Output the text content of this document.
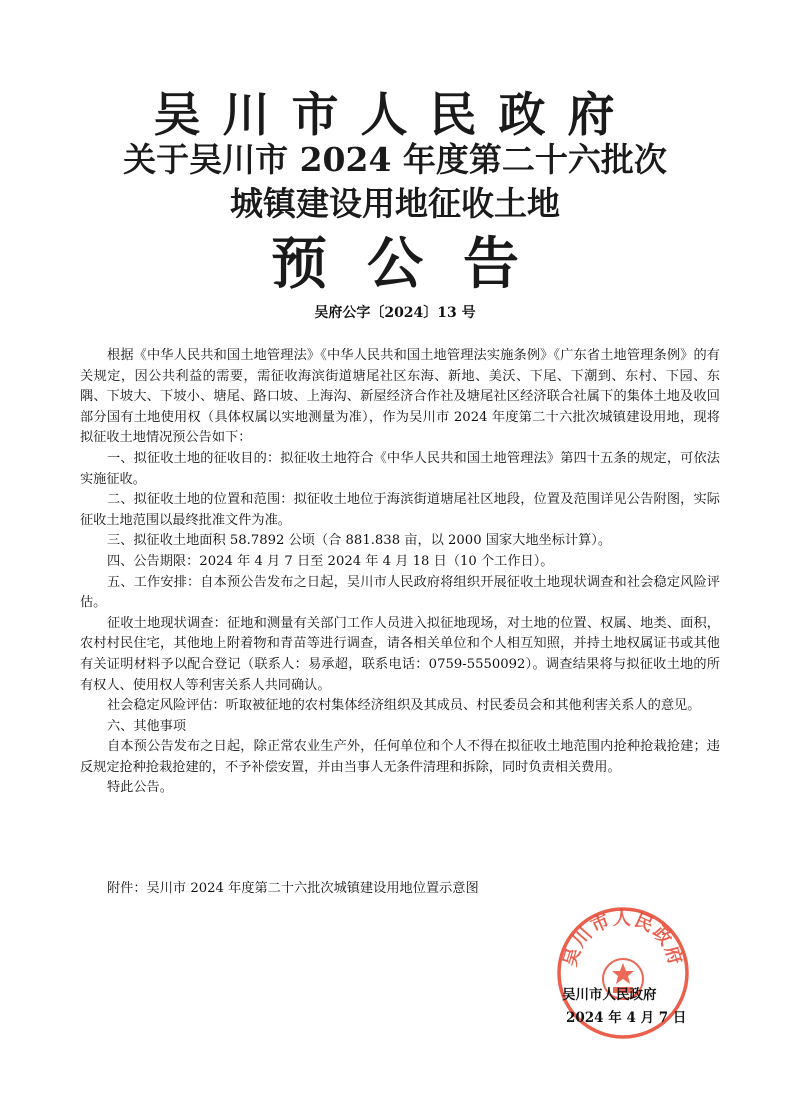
吴川市人民政府
关于吴川市 2024 年度第二十六批次
城镇建设用地征收土地
预公告
吴府公字〔2024〕13 号

根据《中华人民共和国土地管理法》《中华人民共和国土地管理法实施条例》《广东省土地管理条例》的有关规定，因公共利益的需要，需征收海滨街道塘尾社区东海、新地、美沃、下尾、下潮到、东村、下园、东隅、下坡大、下坡小、塘尾、路口坡、上海沟、新屋经济合作社及塘尾社区经济联合社属下的集体土地及收回部分国有土地使用权（具体权属以实地测量为准），作为吴川市 2024 年度第二十六批次城镇建设用地，现将拟征收土地情况预公告如下：

一、拟征收土地的征收目的：拟征收土地符合《中华人民共和国土地管理法》第四十五条的规定，可依法实施征收。

二、拟征收土地的位置和范围：拟征收土地位于海滨街道塘尾社区地段，位置及范围详见公告附图，实际征收土地范围以最终批准文件为准。

三、拟征收土地面积 58.7892 公顷（合 881.838 亩，以 2000 国家大地坐标计算）。

四、公告期限：2024 年 4 月 7 日至 2024 年 4 月 18 日（10 个工作日）。

五、工作安排：自本预公告发布之日起，吴川市人民政府将组织开展征收土地现状调查和社会稳定风险评估。

征收土地现状调查：征地和测量有关部门工作人员进入拟征地现场，对土地的位置、权属、地类、面积，农村村民住宅，其他地上附着物和青苗等进行调查，请各相关单位和个人相互知照，并持土地权属证书或其他有关证明材料予以配合登记（联系人：易承超，联系电话：0759-5550092）。调查结果将与拟征收土地的所有权人、使用权人等利害关系人共同确认。

社会稳定风险评估：听取被征地的农村集体经济组织及其成员、村民委员会和其他利害关系人的意见。

六、其他事项

自本预公告发布之日起，除正常农业生产外，任何单位和个人不得在拟征收土地范围内抢种抢栽抢建；违反规定抢种抢栽抢建的，不予补偿安置，并由当事人无条件清理和拆除，同时负责相关费用。

特此公告。

附件：吴川市 2024 年度第二十六批次城镇建设用地位置示意图
吴川市人民政府
吴川市人民政府
2024 年 4 月 7 日
